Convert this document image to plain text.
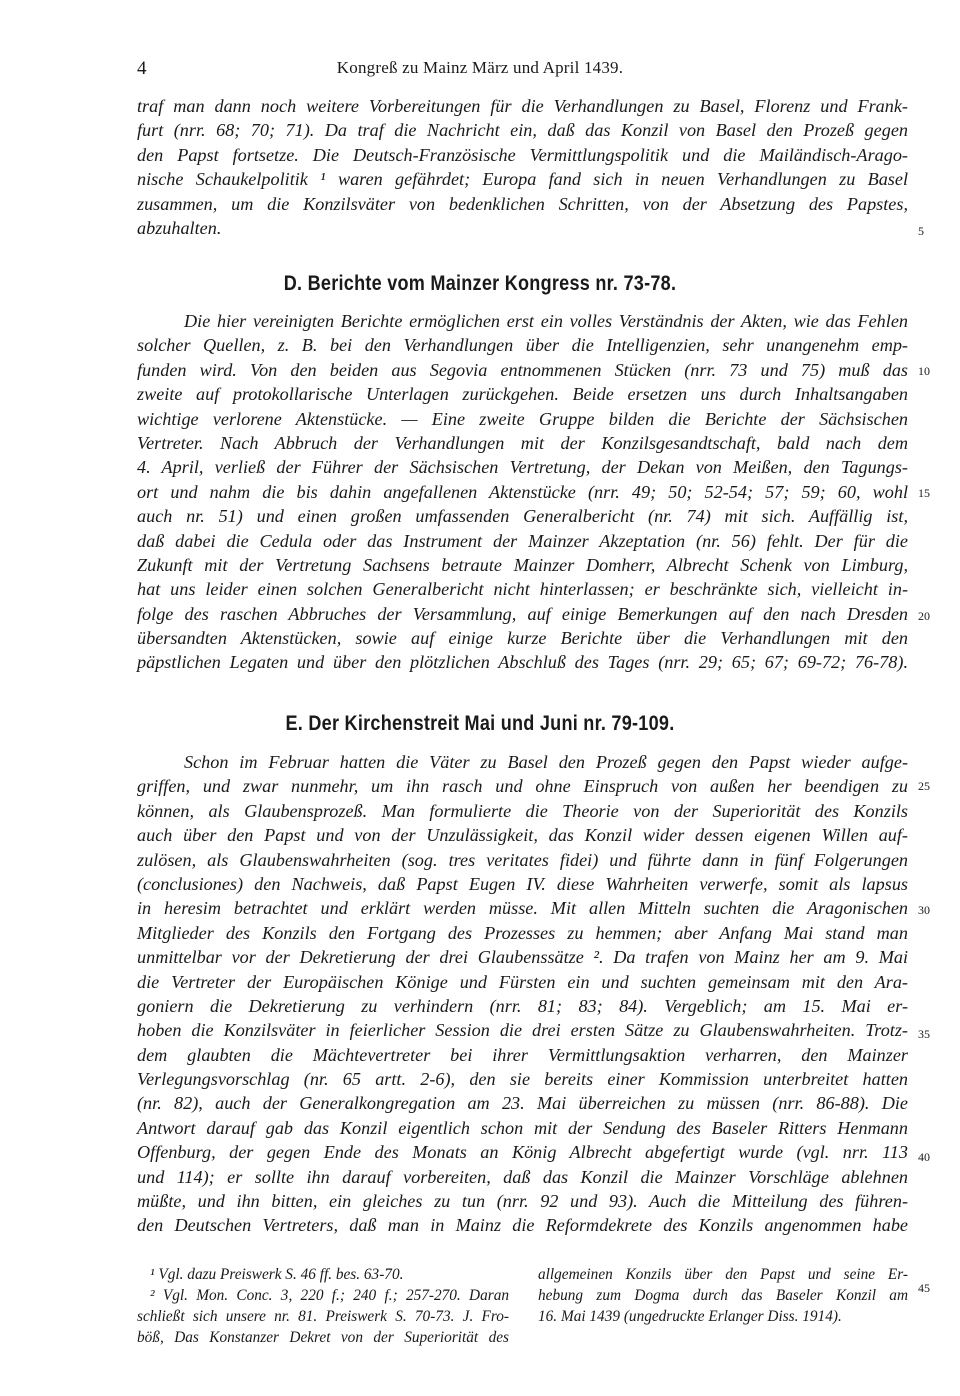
4	Kongreß zu Mainz März und April 1439.
traf man dann noch weitere Vorbereitungen für die Verhandlungen zu Basel, Florenz und Frank-
furt (nrr. 68; 70; 71). Da traf die Nachricht ein, daß das Konzil von Basel den Prozeß gegen
den Papst fortsetze. Die Deutsch-Französische Vermittlungspolitik und die Mailändisch-Arago-
nische Schaukelpolitik ¹ waren gefährdet; Europa fand sich in neuen Verhandlungen zu Basel
zusammen, um die Konzilsväter von bedenklichen Schritten, von der Absetzung des Papstes,
abzuhalten.
D. Berichte vom Mainzer Kongress nr. 73-78.
Die hier vereinigten Berichte ermöglichen erst ein volles Verständnis der Akten, wie das Fehlen
solcher Quellen, z. B. bei den Verhandlungen über die Intelligenzien, sehr unangenehm emp-
funden wird. Von den beiden aus Segovia entnommenen Stücken (nrr. 73 und 75) muß das
zweite auf protokollarische Unterlagen zurückgehen. Beide ersetzen uns durch Inhaltsangaben
wichtige verlorene Aktenstücke. — Eine zweite Gruppe bilden die Berichte der Sächsischen
Vertreter. Nach Abbruch der Verhandlungen mit der Konzilsgesandtschaft, bald nach dem
4. April, verließ der Führer der Sächsischen Vertretung, der Dekan von Meißen, den Tagungs-
ort und nahm die bis dahin angefallenen Aktenstücke (nrr. 49; 50; 52-54; 57; 59; 60, wohl
auch nr. 51) und einen großen umfassenden Generalbericht (nr. 74) mit sich. Auffällig ist,
daß dabei die Cedula oder das Instrument der Mainzer Akzeptation (nr. 56) fehlt. Der für die
Zukunft mit der Vertretung Sachsens betraute Mainzer Domherr, Albrecht Schenk von Limburg,
hat uns leider einen solchen Generalbericht nicht hinterlassen; er beschränkte sich, vielleicht in-
folge des raschen Abbruches der Versammlung, auf einige Bemerkungen auf den nach Dresden
übersandten Aktenstücken, sowie auf einige kurze Berichte über die Verhandlungen mit den
päpstlichen Legaten und über den plötzlichen Abschluß des Tages (nrr. 29; 65; 67; 69-72; 76-78).
E. Der Kirchenstreit Mai und Juni nr. 79-109.
Schon im Februar hatten die Väter zu Basel den Prozeß gegen den Papst wieder aufge-
griffen, und zwar nunmehr, um ihn rasch und ohne Einspruch von außen her beendigen zu
können, als Glaubensprozeß. Man formulierte die Theorie von der Superiorität des Konzils
auch über den Papst und von der Unzulässigkeit, das Konzil wider dessen eigenen Willen auf-
zulösen, als Glaubenswahrheiten (sog. tres veritates fidei) und führte dann in fünf Folgerungen
(conclusiones) den Nachweis, daß Papst Eugen IV. diese Wahrheiten verwerfe, somit als lapsus
in heresim betrachtet und erklärt werden müsse. Mit allen Mitteln suchten die Aragonischen
Mitglieder des Konzils den Fortgang des Prozesses zu hemmen; aber Anfang Mai stand man
unmittelbar vor der Dekretierung der drei Glaubenssätze ². Da trafen von Mainz her am 9. Mai
die Vertreter der Europäischen Könige und Fürsten ein und suchten gemeinsam mit den Ara-
goniern die Dekretierung zu verhindern (nrr. 81; 83; 84). Vergeblich; am 15. Mai er-
hoben die Konzilsväter in feierlicher Session die drei ersten Sätze zu Glaubenswahrheiten. Trotz-
dem glaubten die Mächtevertreter bei ihrer Vermittlungsaktion verharren, den Mainzer
Verlegungsvorschlag (nr. 65 artt. 2-6), den sie bereits einer Kommission unterbreitet hatten
(nr. 82), auch der Generalkongregation am 23. Mai überreichen zu müssen (nrr. 86-88). Die
Antwort darauf gab das Konzil eigentlich schon mit der Sendung des Baseler Ritters Henmann
Offenburg, der gegen Ende des Monats an König Albrecht abgefertigt wurde (vgl. nrr. 113
und 114); er sollte ihn darauf vorbereiten, daß das Konzil die Mainzer Vorschläge ablehnen
müßte, und ihn bitten, ein gleiches zu tun (nrr. 92 und 93). Auch die Mitteilung des führen-
den Deutschen Vertreters, daß man in Mainz die Reformdekrete des Konzils angenommen habe
5
10
15
20
25
30
35
40
45
¹ Vgl. dazu Preiswerk S. 46 ff. bes. 63-70.
² Vgl. Mon. Conc. 3, 220 f.; 240 f.; 257-270. Daran
schließt sich unsere nr. 81. Preiswerk S. 70-73. J. Fro-
böß, Das Konstanzer Dekret von der Superiorität des
allgemeinen Konzils über den Papst und seine Er-
hebung zum Dogma durch das Baseler Konzil am
16. Mai 1439 (ungedruckte Erlanger Diss. 1914).
